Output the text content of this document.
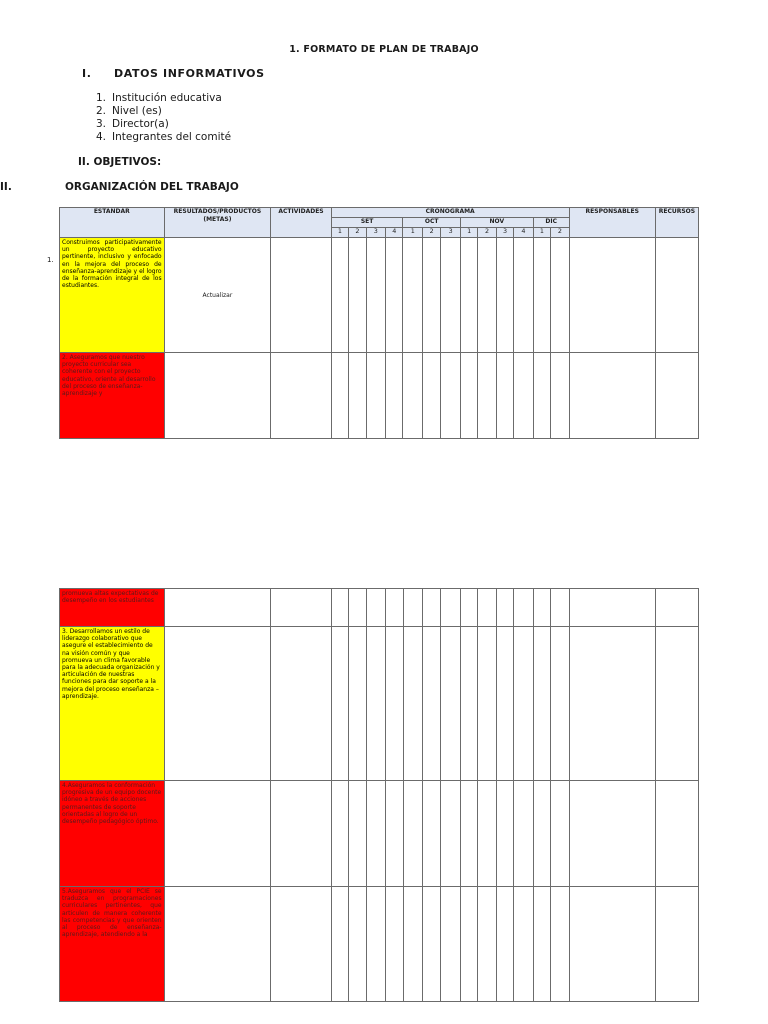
1. FORMATO DE PLAN DE TRABAJO
I. DATOS INFORMATIVOS
1. Institución educativa
2. Nivel (es)
3. Director(a)
4. Integrantes del comité
II. OBJETIVOS:
II.	ORGANIZACIÓN DEL TRABAJO
1.
ESTÁNDAR	RESULTADOS/PRODUCTOS (METAS)	ACTIVIDADES	CRONOGRAMA													RESPONSABLES	RECURSOS
			SET				OCT			NOV				DIC			
			1	2	3	4	1	2	3	1	2	3	4	1	2		

Construimos participativamente un proyecto educativo pertinente, inclusivo y enfocado en la mejora del proceso de enseñanza-aprendizaje y el logro de la formación integral de los estudiantes.	Actualizar																
2. Aseguramos que nuestro proyecto curricular sea coherente con el proyecto educativo, oriente al desarrollo del proceso de enseñanza-aprendizaje y																	
promueva altas expectativas de desempeño en los estudiantes																	
3. Desarrollamos un estilo de liderazgo colaborativo que asegure el establecimiento de na visión común y que promueva un clima favorable para la adecuada organización y articulación de nuestras funciones para dar soporte a la mejora del proceso enseñanza – aprendizaje.																	
4.Aseguramos la conformación progresiva de un equipo docente idóneo a través de acciones permanentes de soporte orientadas al logro de un desempeño pedagógico óptimo.																	
5.Aseguramos que el PCIE se traduzca en programaciones curriculares pertinentes, que articulen de manera coherente las competencias y que orienten al proceso de enseñanza-aprendizaje, atendiendo a la																	
